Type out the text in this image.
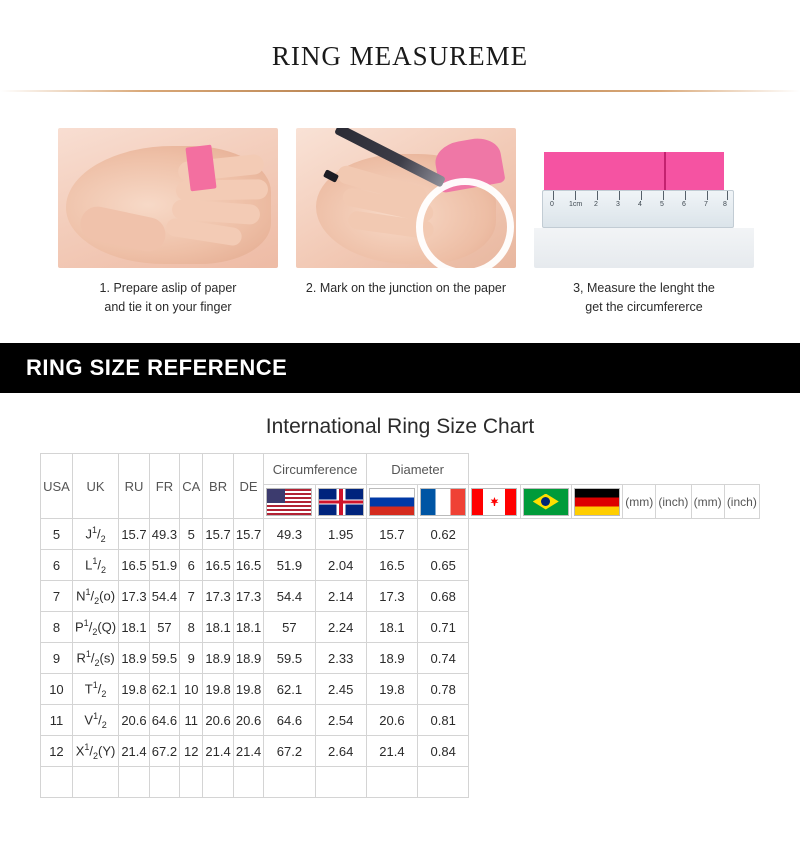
RING MEASUREME
1. Prepare aslip of paper
and tie it on your finger
2. Mark on the junction on the paper
0 1cm 2	3	4	5	6	7 8
3, Measure the lenght the
get the circumfererce
RING SIZE REFERENCE
International Ring Size Chart
USA	UK	RU	FR	CA	BR	DE	Circumference		Diameter								
														(mm)	(inch)	(mm)	(inch)
5	$J^1/_2$	15.7	49.3	5	15.7	15.7	49.3	1.95	15.7	0.62							
6	$L^1/_2$	16.5	51.9	6	16.5	16.5	51.9	2.04	16.5	0.65							
7	$N^1/_2(o)$	17.3	54.4	7	17.3	17.3	54.4	2.14	17.3	0.68							
8	$P^1/_2(Q)$	18.1	57	8	18.1	18.1	57	2.24	18.1	0.71							
9	$R^1/_2(s)$	18.9	59.5	9	18.9	18.9	59.5	2.33	18.9	0.74							
10	$T^1/_2$	19.8	62.1	10	19.8	19.8	62.1	2.45	19.8	0.78							
11	$V^1/_2$	20.6	64.6	11	20.6	20.6	64.6	2.54	20.6	0.81							
12	$X^1/_2(Y)$	21.4	67.2	12	21.4	21.4	67.2	2.64	21.4	0.84							
